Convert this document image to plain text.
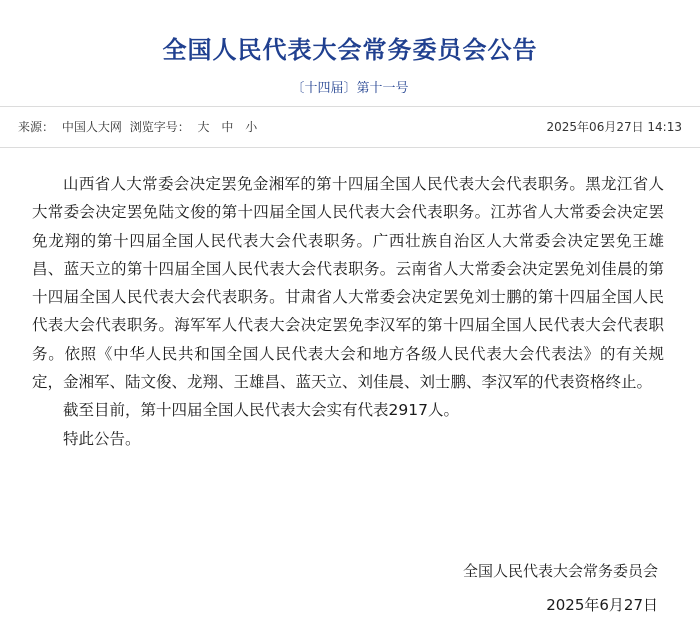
全国人民代表大会常务委员会公告
〔十四届〕第十一号
来源： 中国人大网 浏览字号： 大 中 小	2025年06月27日 14:13

山西省人大常委会决定罢免金湘军的第十四届全国人民代表大会代表职务。黑龙江省人大常委会决定罢免陆文俊的第十四届全国人民代表大会代表职务。江苏省人大常委会决定罢免龙翔的第十四届全国人民代表大会代表职务。广西壮族自治区人大常委会决定罢免王雄昌、蓝天立的第十四届全国人民代表大会代表职务。云南省人大常委会决定罢免刘佳晨的第十四届全国人民代表大会代表职务。甘肃省人大常委会决定罢免刘士鹏的第十四届全国人民代表大会代表职务。海军军人代表大会决定罢免李汉军的第十四届全国人民代表大会代表职务。依照《中华人民共和国全国人民代表大会和地方各级人民代表大会代表法》的有关规定，金湘军、陆文俊、龙翔、王雄昌、蓝天立、刘佳晨、刘士鹏、李汉军的代表资格终止。

截至目前，第十四届全国人民代表大会实有代表2917人。

特此公告。

全国人民代表大会常务委员会
2025年6月27日
